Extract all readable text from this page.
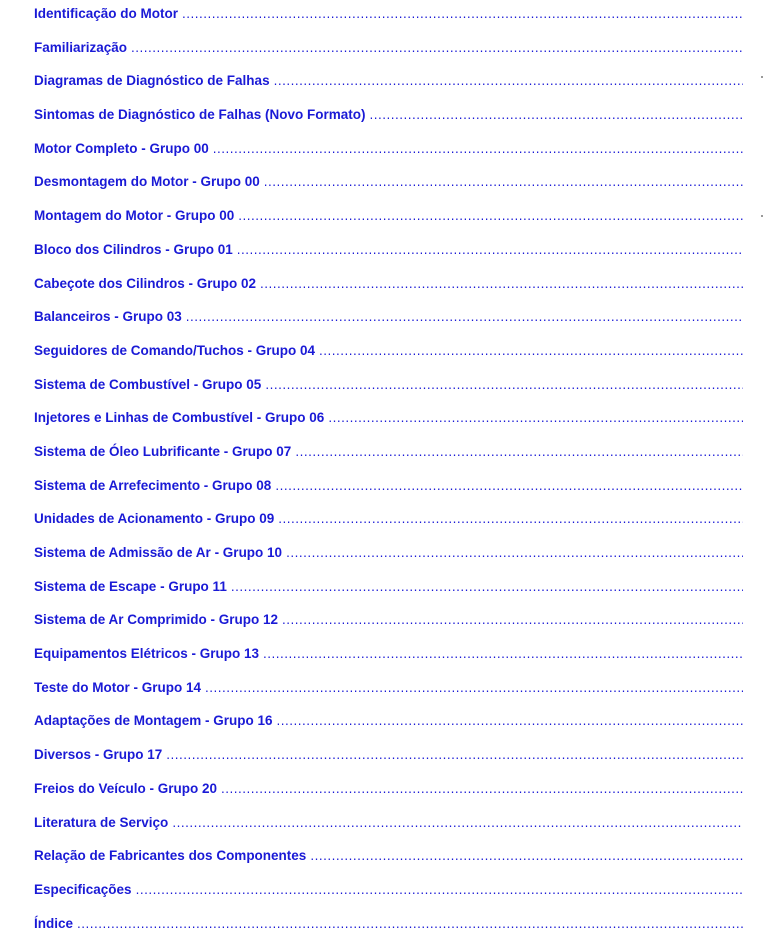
Identificação do Motor
.....
Familiarização
.....
Diagramas de Diagnóstico de Falhas
.....
Sintomas de Diagnóstico de Falhas (Novo Formato)
.....
Motor Completo - Grupo 00
.....
Desmontagem do Motor - Grupo 00
.....
Montagem do Motor - Grupo 00
.....
Bloco dos Cilindros - Grupo 01
.....
Cabeçote dos Cilindros - Grupo 02
.....
Balanceiros - Grupo 03
.....
Seguidores de Comando/Tuchos - Grupo 04
.....
Sistema de Combustível - Grupo 05
.....
Injetores e Linhas de Combustível - Grupo 06
.....
Sistema de Óleo Lubrificante - Grupo 07
.....
Sistema de Arrefecimento - Grupo 08
.....
Unidades de Acionamento - Grupo 09
.....
Sistema de Admissão de Ar - Grupo 10
.....
Sistema de Escape - Grupo 11
.....
Sistema de Ar Comprimido - Grupo 12
.....
Equipamentos Elétricos - Grupo 13
.....
Teste do Motor - Grupo 14
.....
Adaptações de Montagem - Grupo 16
.....
Diversos - Grupo 17
.....
Freios do Veículo - Grupo 20
.....
Literatura de Serviço
.....
Relação de Fabricantes dos Componentes
.....
Especificações
.....
Índice
.....
